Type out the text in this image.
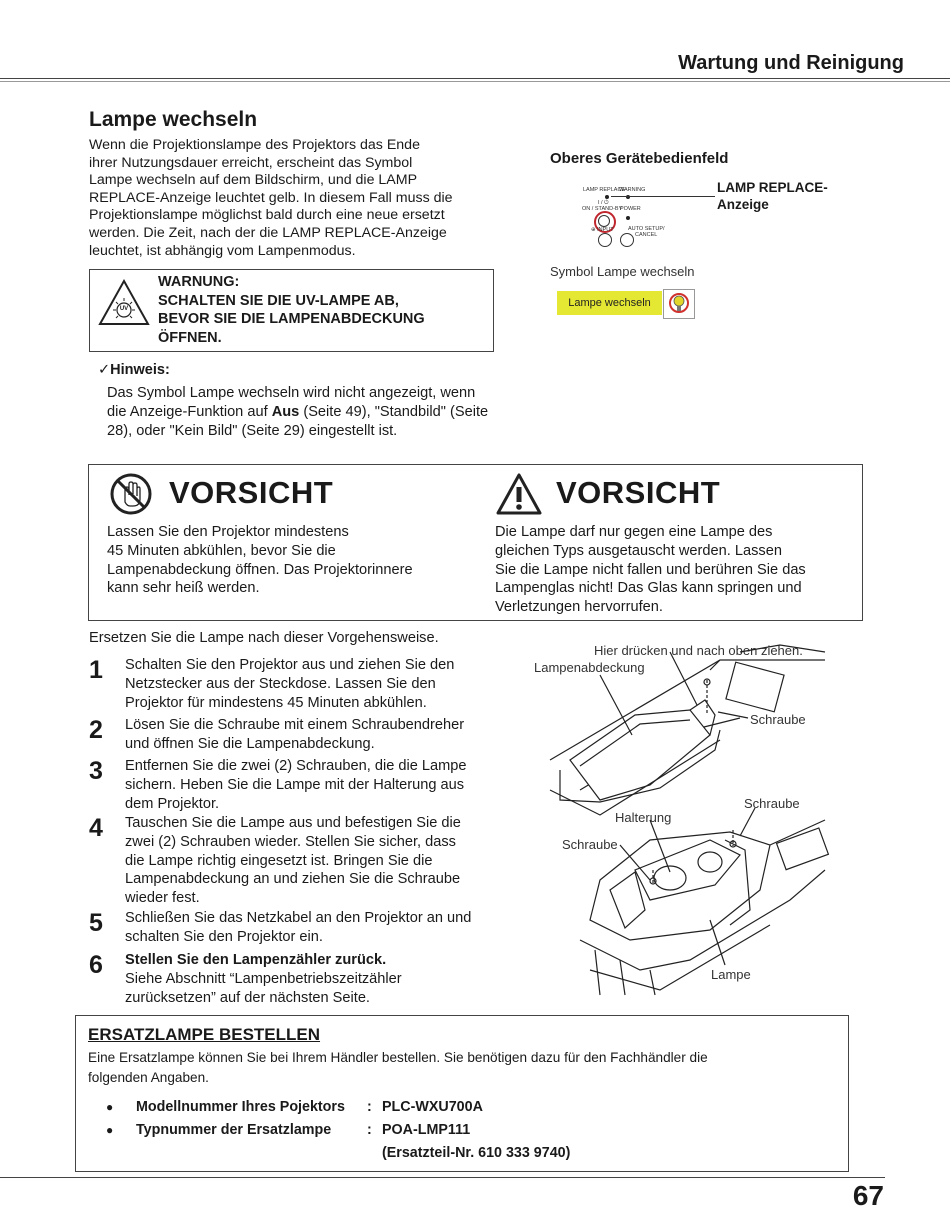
Wartung und Reinigung
Lampe wechseln
Wenn die Projektionslampe des Projektors das Ende
ihrer Nutzungsdauer erreicht, erscheint das Symbol
Lampe wechseln auf dem Bildschirm, und die LAMP
REPLACE-Anzeige leuchtet gelb. In diesem Fall muss die
Projektionslampe möglichst bald durch eine neue ersetzt
werden. Die Zeit, nach der die LAMP REPLACE-Anzeige
leuchtet, ist abhängig vom Lampenmodus.
Oberes Gerätebedienfeld
LAMP REPLACE
WARNING
I / ⏻
ON / STAND-BY
POWER
⊕ INPUT	AUTO SETUP/
CANCEL
LAMP REPLACE-
Anzeige
Symbol Lampe wechseln
Lampe wechseln
UV
WARNUNG:
SCHALTEN SIE DIE UV-LAMPE AB,
BEVOR SIE DIE LAMPENABDECKUNG
ÖFFNEN.
✓Hinweis:
Das Symbol Lampe wechseln wird nicht angezeigt, wenn
die Anzeige-Funktion auf Aus (Seite 49), "Standbild" (Seite
28), oder "Kein Bild" (Seite 29) eingestellt ist.
VORSICHT
Lassen Sie den Projektor mindestens
45 Minuten abkühlen, bevor Sie die
Lampenabdeckung öffnen. Das Projektorinnere
kann sehr heiß werden.
VORSICHT
Die Lampe darf nur gegen eine Lampe des
gleichen Typs ausgetauscht werden. Lassen
Sie die Lampe nicht fallen und berühren Sie das
Lampenglas nicht! Das Glas kann springen und
Verletzungen hervorrufen.
Ersetzen Sie die Lampe nach dieser Vorgehensweise.
1 Schalten Sie den Projektor aus und ziehen Sie den
Netzstecker aus der Steckdose. Lassen Sie den
Projektor für mindestens 45 Minuten abkühlen.
2 Lösen Sie die Schraube mit einem Schraubendreher
und öffnen Sie die Lampenabdeckung.
3 Entfernen Sie die zwei (2) Schrauben, die die Lampe
sichern. Heben Sie die Lampe mit der Halterung aus
dem Projektor.
4 Tauschen Sie die Lampe aus und befestigen Sie die
zwei (2) Schrauben wieder. Stellen Sie sicher, dass
die Lampe richtig eingesetzt ist. Bringen Sie die
Lampenabdeckung an und ziehen Sie die Schraube
wieder fest.
5 Schließen Sie das Netzkabel an den Projektor an und
schalten Sie den Projektor ein.
6 Stellen Sie den Lampenzähler zurück.
Siehe Abschnitt “Lampenbetriebszeitzähler
zurücksetzen” auf der nächsten Seite.
Hier drücken und nach oben ziehen.
Lampenabdeckung
Schraube
Schraube
Halterung
Schraube
Lampe
ERSATZLAMPE BESTELLEN
Eine Ersatzlampe können Sie bei Ihrem Händler bestellen. Sie benötigen dazu für den Fachhändler die
folgenden Angaben.
● Modellnummer Ihres Pojektors : PLC-WXU700A
● Typnummer der Ersatzlampe	: POA-LMP111
(Ersatzteil-Nr. 610 333 9740)
67
